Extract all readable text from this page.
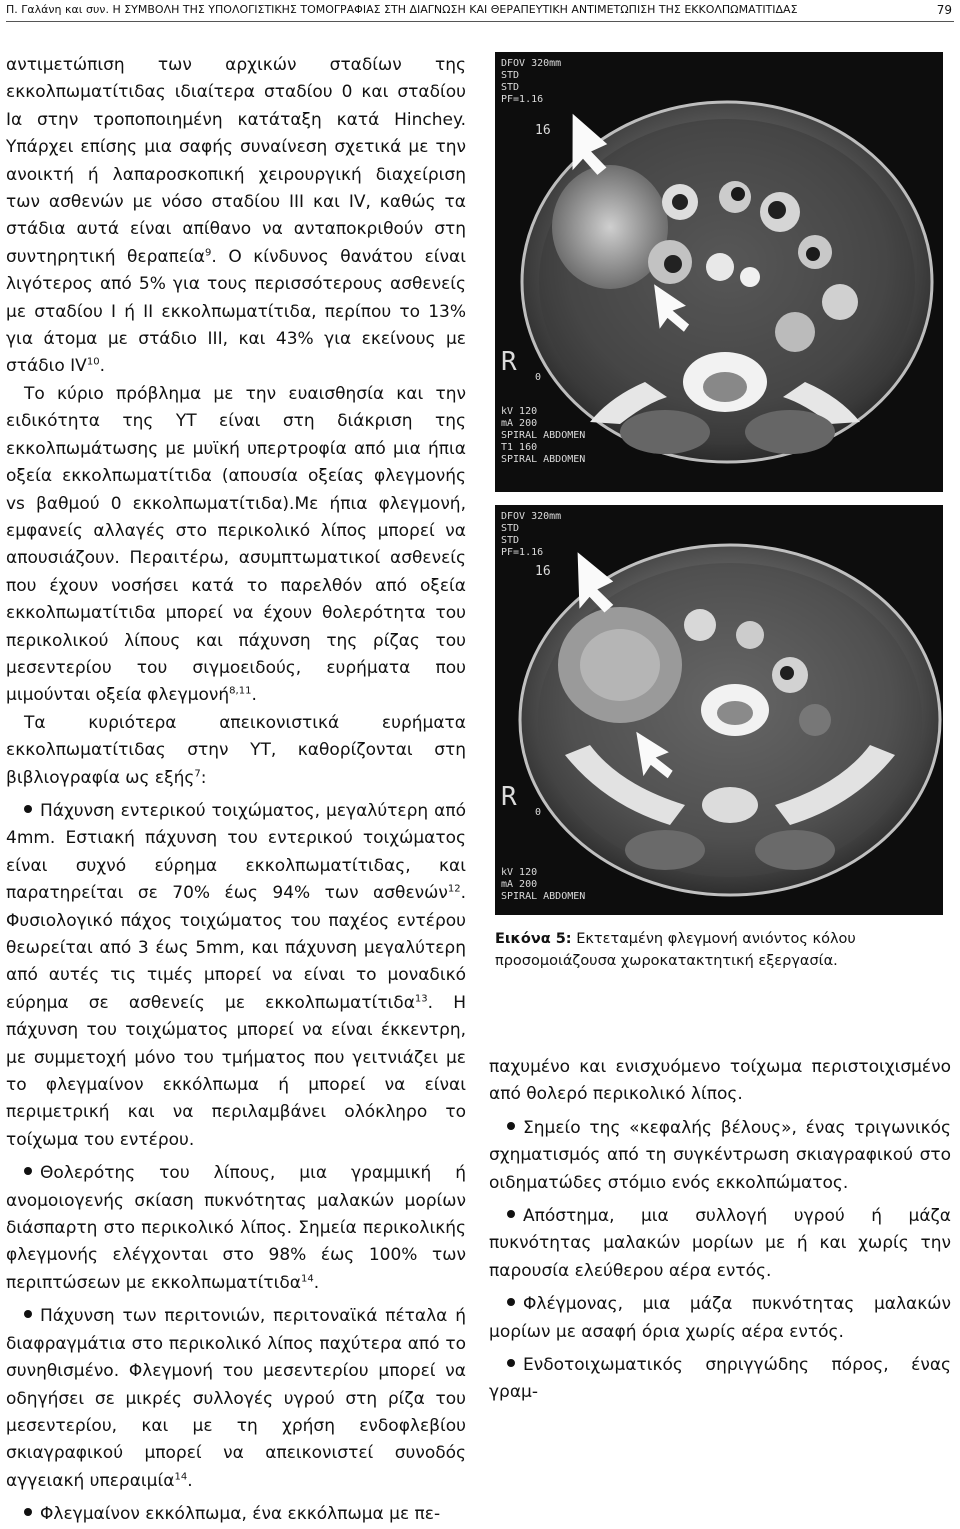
Π. Γαλάνη και συν. Η ΣΥΜΒΟΛΗ ΤΗΣ ΥΠΟΛΟΓΙΣΤΙΚΗΣ ΤΟΜΟΓΡΑΦΙΑΣ ΣΤΗ ΔΙΑΓΝΩΣΗ ΚΑΙ ΘΕΡΑΠΕΥΤΙΚΗ ΑΝΤΙΜΕΤΩΠΙΣΗ ΤΗΣ ΕΚΚΟΛΠΩΜΑΤΙΤΙΔΑΣ	79

αντιμετώπιση των αρχικών σταδίων της εκκολπωματίτιδας ιδιαίτερα σταδίου 0 και σταδίου Ια στην τροποποιημένη κατάταξη κατά Hinchey. Υπάρχει επίσης μια σαφής συναίνεση σχετικά με την ανοικτή ή λαπαροσκοπική χειρουργική διαχείριση των ασθενών με νόσο σταδίου III και IV, καθώς τα στάδια αυτά είναι απίθανο να ανταποκριθούν στη συντηρητική θεραπεία$^9$. Ο κίνδυνος θανάτου είναι λιγότερος από 5% για τους περισσότερους ασθενείς με σταδίου I ή II εκκολπωματίτιδα, περίπου το 13% για άτομα με στάδιο III, και 43% για εκείνους με στάδιο IV$^{10}$.

Το κύριο πρόβλημα με την ευαισθησία και την ειδικότητα της ΥΤ είναι στη διάκριση της εκκολπωμάτωσης με μυϊκή υπερτροφία από μια ήπια οξεία εκκολπωματίτιδα (απουσία οξείας φλεγμονής vs βαθμού 0 εκκολπωματίτιδα).Με ήπια φλεγμονή, εμφανείς αλλαγές στο περικολικό λίπος μπορεί να απουσιάζουν. Περαιτέρω, ασυμπτωματικοί ασθενείς που έχουν νοσήσει κατά το παρελθόν από οξεία εκκολπωματίτιδα μπορεί να έχουν θολερότητα του περικολικού λίπους και πάχυνση της ρίζας του μεσεντερίου του σιγμοειδούς, ευρήματα που μιμούνται οξεία φλεγμονή$^{8,11}$.

Τα κυριότερα απεικονιστικά ευρήματα εκκολπωματίτιδας στην ΥΤ, καθορίζονται στη βιβλιογραφία ως εξής$^7$:

Πάχυνση εντερικού τοιχώματος, μεγαλύτερη από 4mm. Εστιακή πάχυνση του εντερικού τοιχώματος είναι συχνό εύρημα εκκολπωματίτιδας, και παρατηρείται σε 70% έως 94% των ασθενών$^{12}$. Φυσιολογικό πάχος τοιχώματος του παχέος εντέρου θεωρείται από 3 έως 5mm, και πάχυνση μεγαλύτερη από αυτές τις τιμές μπορεί να είναι το μοναδικό εύρημα σε ασθενείς με εκκολπωματίτιδα$^{13}$. Η πάχυνση του τοιχώματος μπορεί να είναι έκκεντρη, με συμμετοχή μόνο του τμήματος που γειτνιάζει με το φλεγμαίνον εκκόλπωμα ή μπορεί να είναι περιμετρική και να περιλαμβάνει ολόκληρο το τοίχωμα του εντέρου.

Θολερότης του λίπους, μια γραμμική ή ανομοιογενής σκίαση πυκνότητας μαλακών μορίων διάσπαρτη στο περικολικό λίπος. Σημεία περικολικής φλεγμονής ελέγχονται στο 98% έως 100% των περιπτώσεων με εκκολπωματίτιδα$^{14}$.

Πάχυνση των περιτονιών, περιτοναϊκά πέταλα ή διαφραγμάτια στο περικολικό λίπος παχύτερα από το συνηθισμένο. Φλεγμονή του μεσεντερίου μπορεί να οδηγήσει σε μικρές συλλογές υγρού στη ρίζα του μεσεντερίου, και με τη χρήση ενδοφλεβίου σκιαγραφικού μπορεί να απεικονιστεί συνοδός αγγειακή υπεραιμία$^{14}$.

Φλεγμαίνον εκκόλπωμα, ένα εκκόλπωμα με πε-

DFOV 320mm
STD
STD
PF=1.16
16
R
0
kV 120
mA 200
SPIRAL ABDOMEN
T1 160
SPIRAL ABDOMEN
DFOV 320mm
STD
STD
PF=1.16
16
R
0
kV 120
mA 200
SPIRAL ABDOMEN
Εικόνα 5: Εκτεταμένη φλεγμονή ανιόντος κόλου προσομοιάζουσα χωροκατακτητική εξεργασία.

παχυμένο και ενισχυόμενο τοίχωμα περιστοιχισμένο από θολερό περικολικό λίπος.

Σημείο της «κεφαλής βέλους», ένας τριγωνικός σχηματισμός από τη συγκέντρωση σκιαγραφικού στο οιδηματώδες στόμιο ενός εκκολπώματος.

Απόστημα, μια συλλογή υγρού ή μάζα πυκνότητας μαλακών μορίων με ή και χωρίς την παρουσία ελεύθερου αέρα εντός.

Φλέγμονας, μια μάζα πυκνότητας μαλακών μορίων με ασαφή όρια χωρίς αέρα εντός.

Ενδοτοιχωματικός σηριγγώδης πόρος, ένας γραμ-
